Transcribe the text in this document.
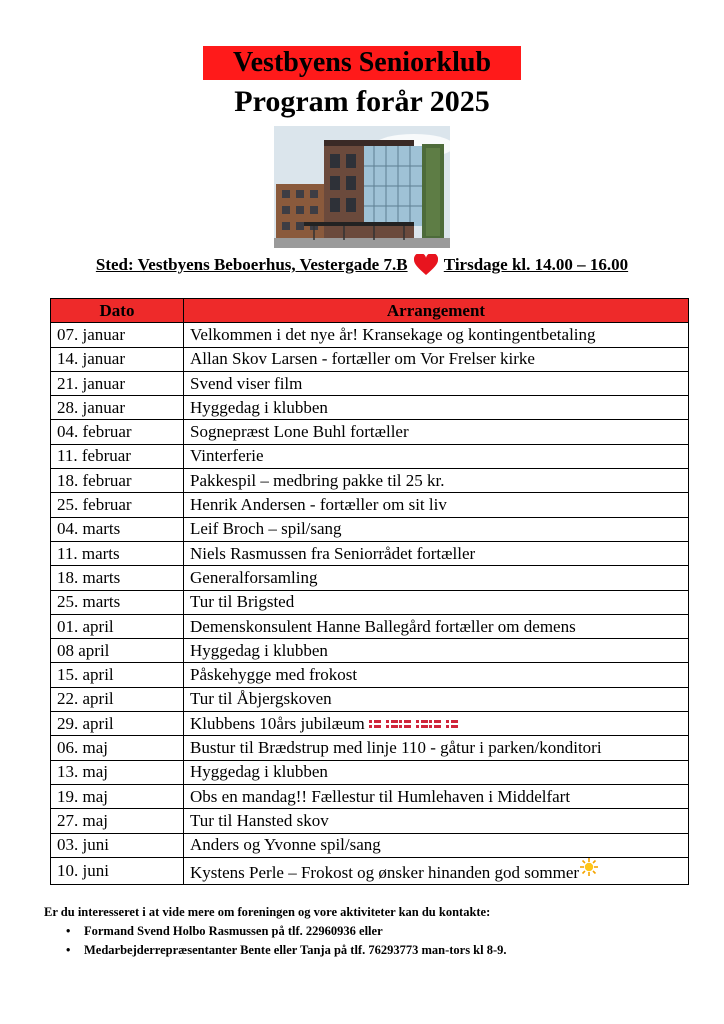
Vestbyens Seniorklub
Program forår 2025
Sted: Vestbyens Beboerhus, Vestergade 7.B Tirsdage kl. 14.00 – 16.00
Dato	Arrangement
07. januar	Velkommen i det nye år! Kransekage og kontingentbetaling
14. januar	Allan Skov Larsen - fortæller om Vor Frelser kirke
21. januar	Svend viser film
28. januar	Hyggedag i klubben
04. februar	Sognepræst Lone Buhl fortæller
11. februar	Vinterferie
18. februar	Pakkespil – medbring pakke til 25 kr.
25. februar	Henrik Andersen - fortæller om sit liv
04. marts	Leif Broch – spil/sang
11. marts	Niels Rasmussen fra Seniorrådet fortæller
18. marts	Generalforsamling
25. marts	Tur til Brigsted
01. april	Demenskonsulent Hanne Ballegård fortæller om demens
08 april	Hyggedag i klubben
15. april	Påskehygge med frokost
22. april	Tur til Åbjergskoven
29. april	Klubbens 10års jubilæum
06. maj	Bustur til Brædstrup med linje 110 - gåtur i parken/konditori
13. maj	Hyggedag i klubben
19. maj	Obs en mandag!! Fællestur til Humlehaven i Middelfart
27. maj	Tur til Hansted skov
03. juni	Anders og Yvonne spil/sang
10. juni	Kystens Perle – Frokost og ønsker hinanden god sommer
Er du interesseret i at vide mere om foreningen og vore aktiviteter kan du kontakte:
• Formand Svend Holbo Rasmussen på tlf. 22960936 eller
• Medarbejderrepræsentanter Bente eller Tanja på tlf. 76293773 man-tors kl 8-9.
